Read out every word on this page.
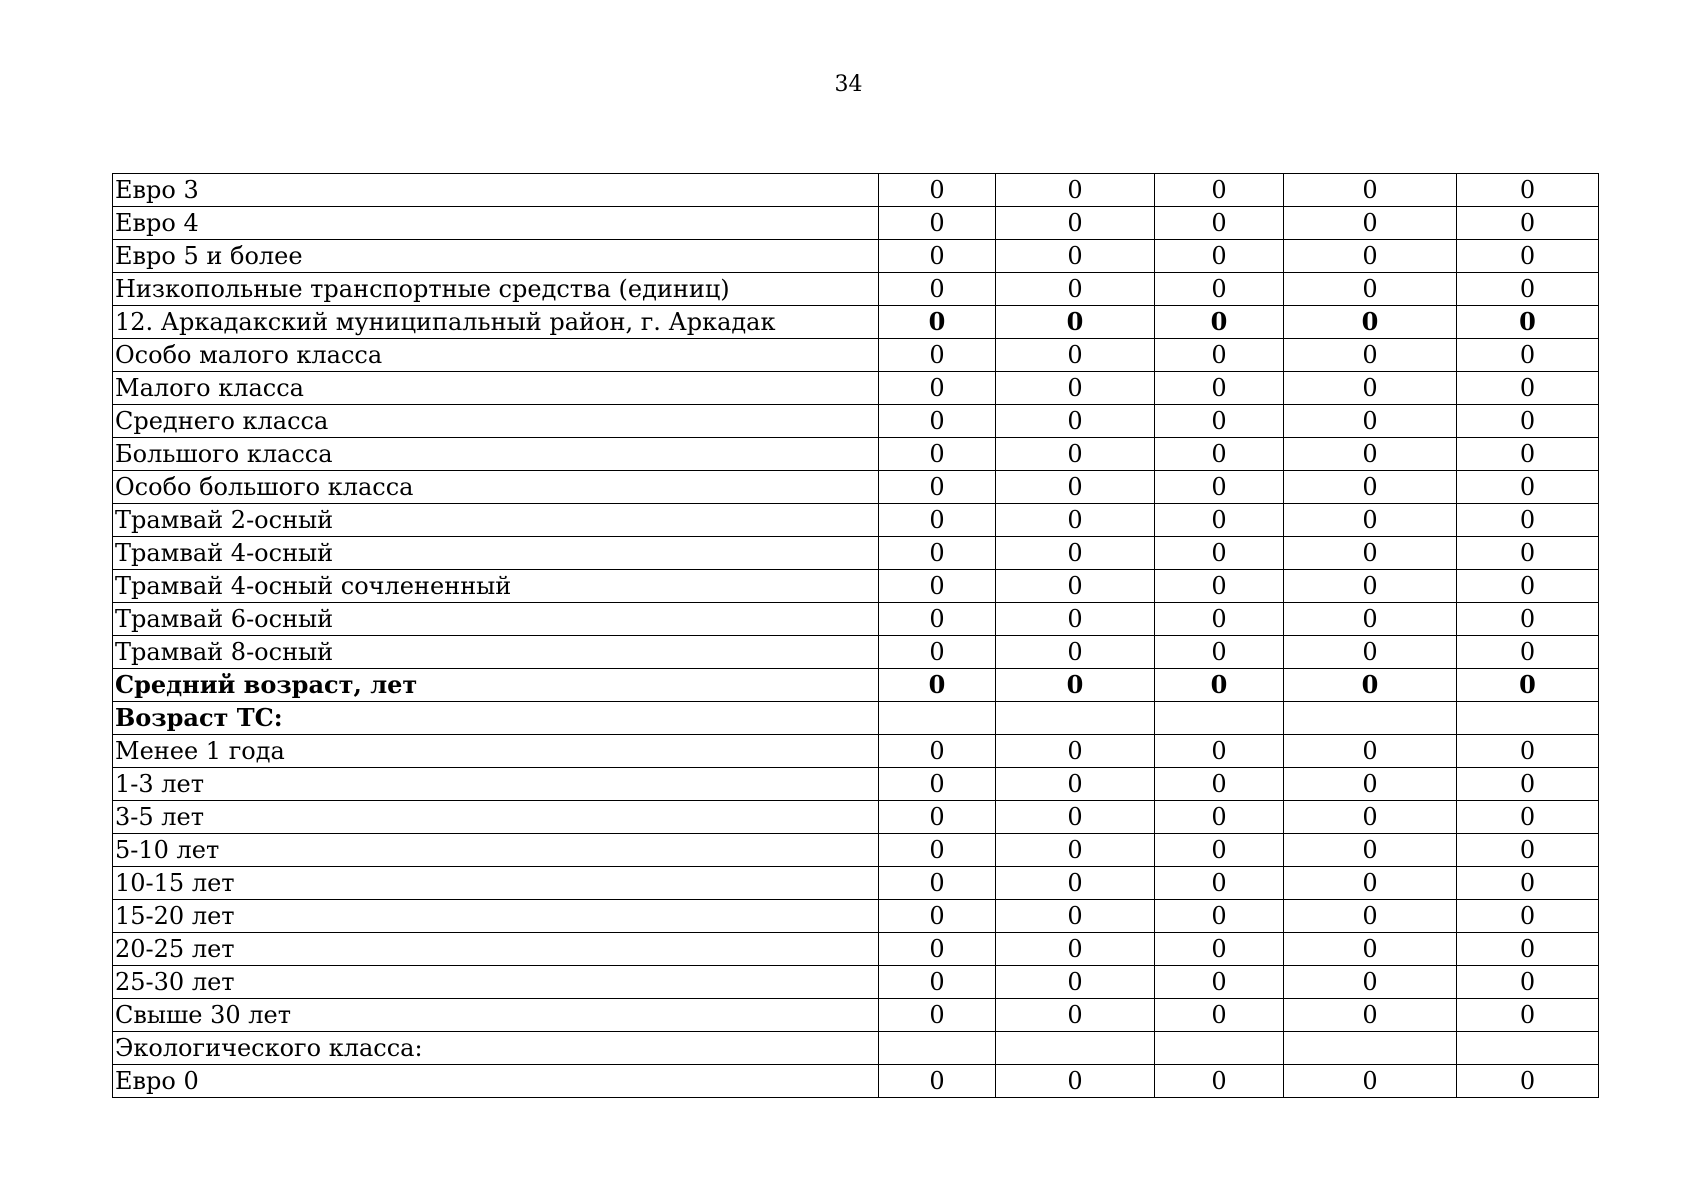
34
Евро 3	0	0	0	0	0
Евро 4	0	0	0	0	0
Евро 5 и более	0	0	0	0	0
Низкопольные транспортные средства (единиц)	0	0	0	0	0
12. Аркадакский муниципальный район, г. Аркадак	0	0	0	0	0
Особо малого класса	0	0	0	0	0
Малого класса	0	0	0	0	0
Среднего класса	0	0	0	0	0
Большого класса	0	0	0	0	0
Особо большого класса	0	0	0	0	0
Трамвай 2-осный	0	0	0	0	0
Трамвай 4-осный	0	0	0	0	0
Трамвай 4-осный сочлененный	0	0	0	0	0
Трамвай 6-осный	0	0	0	0	0
Трамвай 8-осный	0	0	0	0	0
Средний возраст, лет	0	0	0	0	0
Возраст ТС:					
Менее 1 года	0	0	0	0	0
1-3 лет	0	0	0	0	0
3-5 лет	0	0	0	0	0
5-10 лет	0	0	0	0	0
10-15 лет	0	0	0	0	0
15-20 лет	0	0	0	0	0
20-25 лет	0	0	0	0	0
25-30 лет	0	0	0	0	0
Свыше 30 лет	0	0	0	0	0
Экологического класса:					
Евро 0	0	0	0	0	0
